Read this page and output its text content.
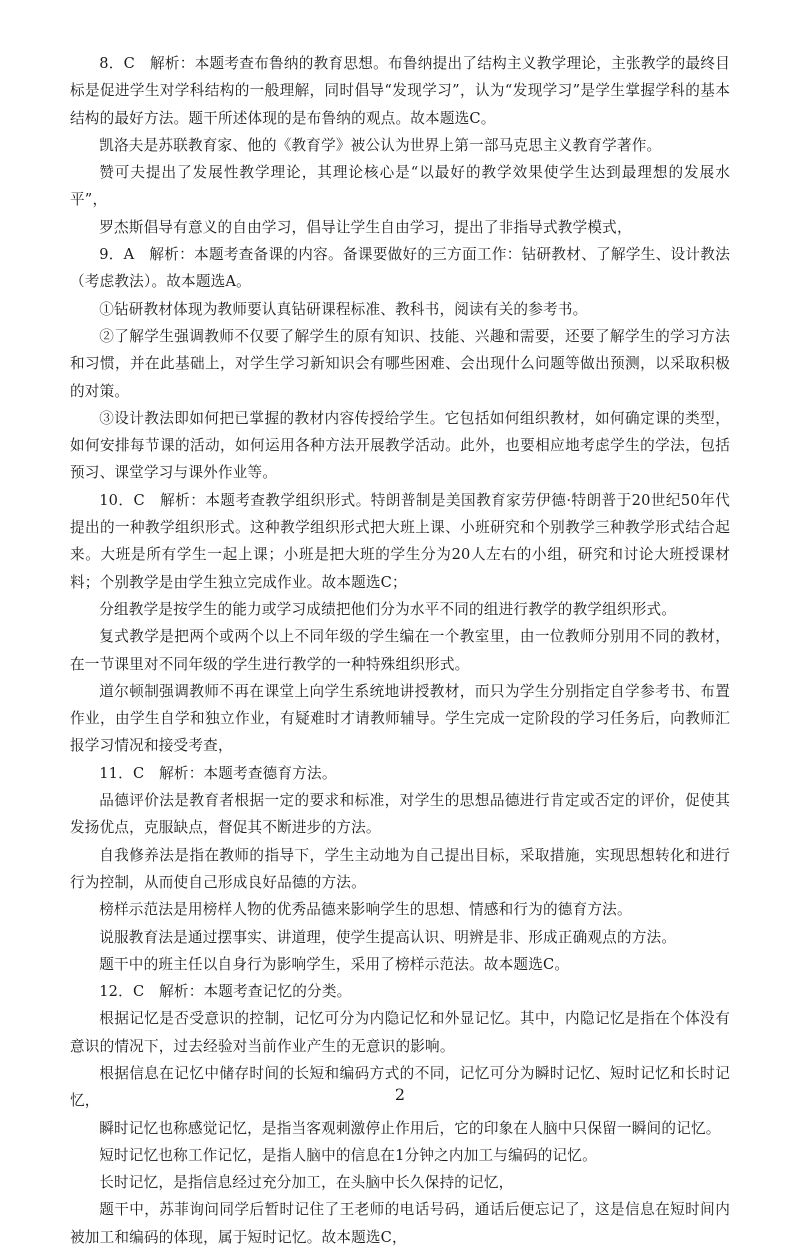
8．C　解析：本题考查布鲁纳的教育思想。布鲁纳提出了结构主义教学理论，主张教学的最终目标是促进学生对学科结构的一般理解，同时倡导“发现学习”，认为“发现学习”是学生掌握学科的基本结构的最好方法。题干所述体现的是布鲁纳的观点。故本题选C。

凯洛夫是苏联教育家、他的《教育学》被公认为世界上第一部马克思主义教育学著作。

赞可夫提出了发展性教学理论，其理论核心是“以最好的教学效果使学生达到最理想的发展水平”，

罗杰斯倡导有意义的自由学习，倡导让学生自由学习，提出了非指导式教学模式，

9．A　解析：本题考查备课的内容。备课要做好的三方面工作：钻研教材、了解学生、设计教法（考虑教法）。故本题选A。

①钻研教材体现为教师要认真钻研课程标准、教科书，阅读有关的参考书。

②了解学生强调教师不仅要了解学生的原有知识、技能、兴趣和需要，还要了解学生的学习方法和习惯，并在此基础上，对学生学习新知识会有哪些困难、会出现什么问题等做出预测，以采取积极的对策。

③设计教法即如何把已掌握的教材内容传授给学生。它包括如何组织教材，如何确定课的类型，如何安排每节课的活动，如何运用各种方法开展教学活动。此外，也要相应地考虑学生的学法，包括预习、课堂学习与课外作业等。

10．C　解析：本题考查教学组织形式。特朗普制是美国教育家劳伊德·特朗普于20世纪50年代提出的一种教学组织形式。这种教学组织形式把大班上课、小班研究和个别教学三种教学形式结合起来。大班是所有学生一起上课；小班是把大班的学生分为20人左右的小组，研究和讨论大班授课材料；个别教学是由学生独立完成作业。故本题选C；

分组教学是按学生的能力或学习成绩把他们分为水平不同的组进行教学的教学组织形式。

复式教学是把两个或两个以上不同年级的学生编在一个教室里，由一位教师分别用不同的教材，在一节课里对不同年级的学生进行教学的一种特殊组织形式。

道尔顿制强调教师不再在课堂上向学生系统地讲授教材，而只为学生分别指定自学参考书、布置作业，由学生自学和独立作业，有疑难时才请教师辅导。学生完成一定阶段的学习任务后，向教师汇报学习情况和接受考查，

11．C　解析：本题考查德育方法。

品德评价法是教育者根据一定的要求和标准，对学生的思想品德进行肯定或否定的评价，促使其发扬优点，克服缺点，督促其不断进步的方法。

自我修养法是指在教师的指导下，学生主动地为自己提出目标，采取措施，实现思想转化和进行行为控制，从而使自己形成良好品德的方法。

榜样示范法是用榜样人物的优秀品德来影响学生的思想、情感和行为的德育方法。

说服教育法是通过摆事实、讲道理，使学生提高认识、明辨是非、形成正确观点的方法。

题干中的班主任以自身行为影响学生，采用了榜样示范法。故本题选C。

12．C　解析：本题考查记忆的分类。

根据记忆是否受意识的控制，记忆可分为内隐记忆和外显记忆。其中，内隐记忆是指在个体没有意识的情况下，过去经验对当前作业产生的无意识的影响。

根据信息在记忆中储存时间的长短和编码方式的不同，记忆可分为瞬时记忆、短时记忆和长时记忆，

瞬时记忆也称感觉记忆，是指当客观刺激停止作用后，它的印象在人脑中只保留一瞬间的记忆。

短时记忆也称工作记忆，是指人脑中的信息在1分钟之内加工与编码的记忆。

长时记忆，是指信息经过充分加工，在头脑中长久保持的记忆，

题干中，苏菲询问同学后暂时记住了王老师的电话号码，通话后便忘记了，这是信息在短时间内被加工和编码的体现，属于短时记忆。故本题选C，

2
